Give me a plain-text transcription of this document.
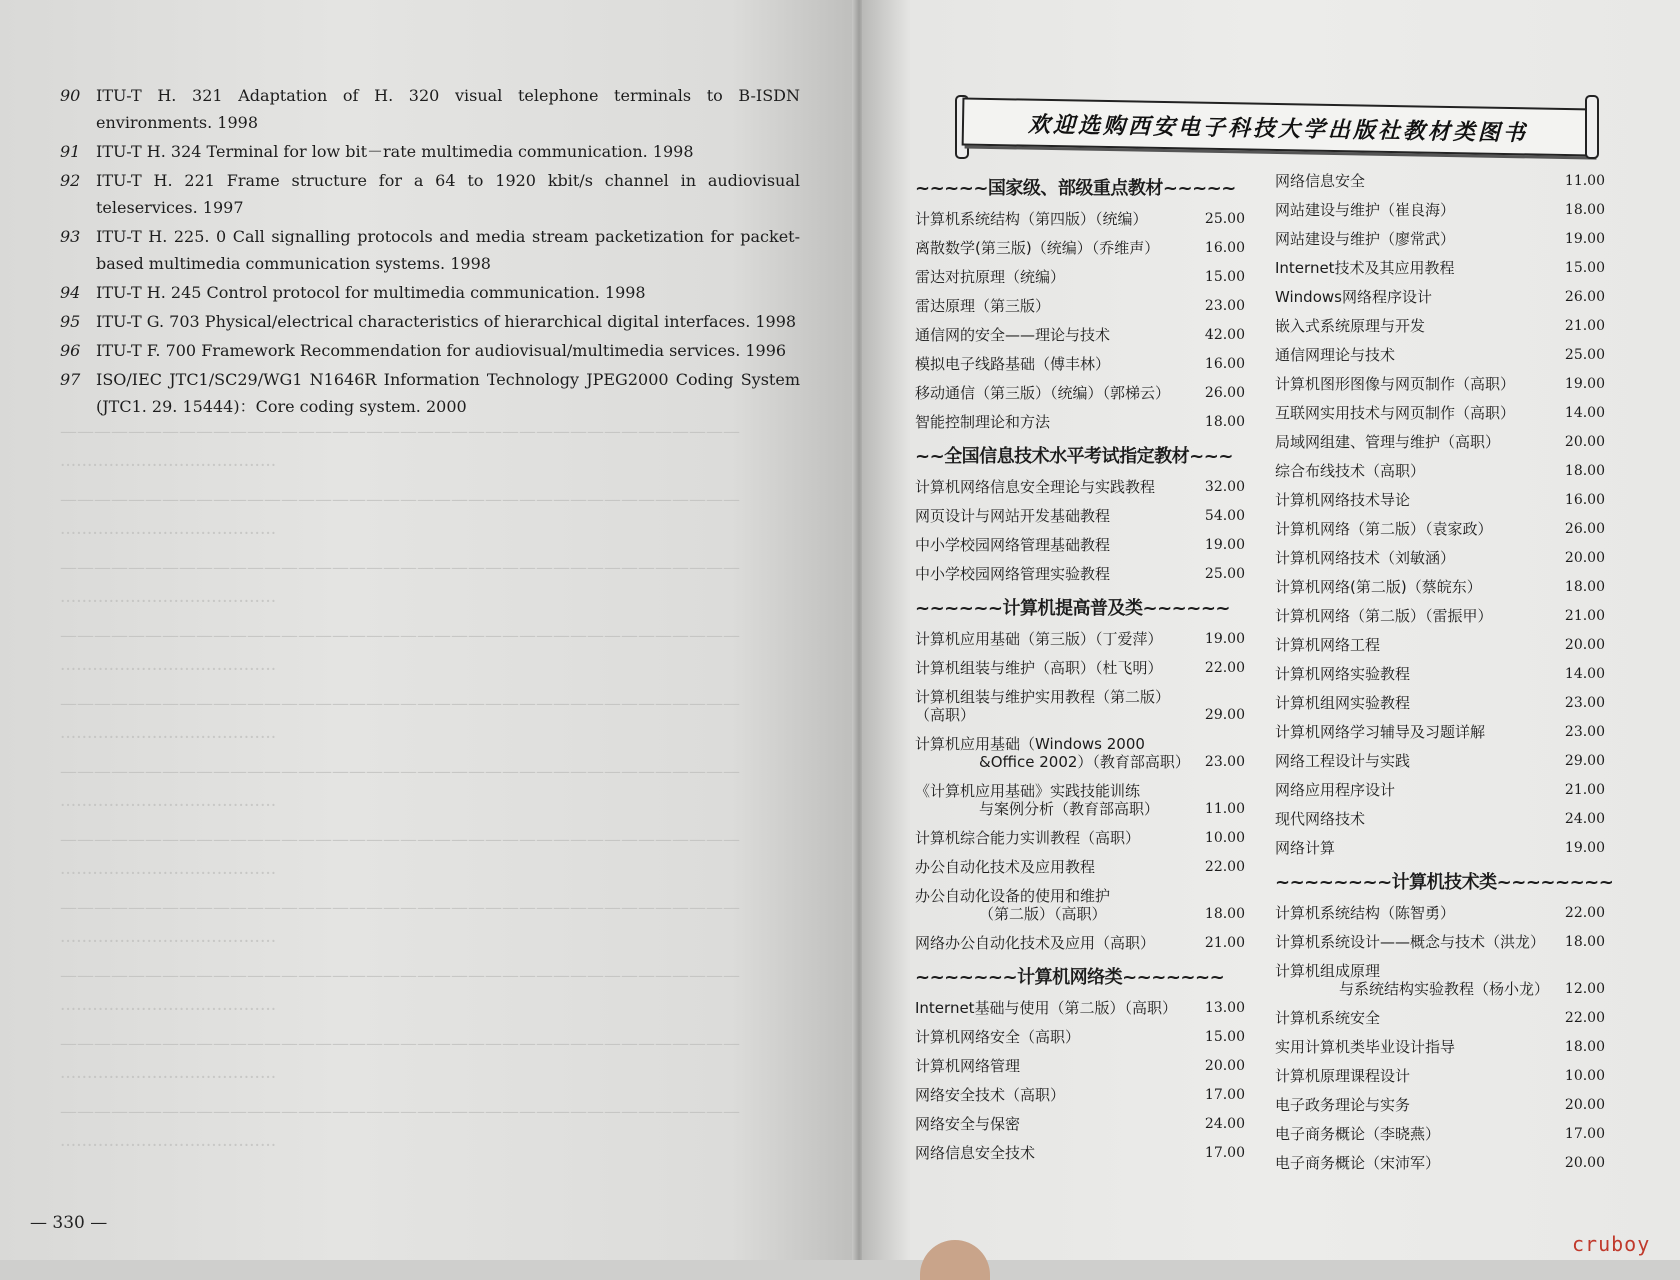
————————————————————————————————————————
········································
————————————————————————————————————————
········································
————————————————————————————————————————
········································
————————————————————————————————————————
········································
————————————————————————————————————————
········································
————————————————————————————————————————
········································
————————————————————————————————————————
········································
————————————————————————————————————————
········································
————————————————————————————————————————
········································
————————————————————————————————————————
········································
————————————————————————————————————————
········································
90 ITU-T H. 321 Adaptation of H. 320 visual telephone terminals to B-ISDN environments. 1998
91 ITU-T H. 324 Terminal for low bit－rate multimedia communication. 1998
92 ITU-T H. 221 Frame structure for a 64 to 1920 kbit/s channel in audiovisual teleservices. 1997
93 ITU-T H. 225. 0 Call signalling protocols and media stream packetization for packet-based multimedia communication systems. 1998
94 ITU-T H. 245 Control protocol for multimedia communication. 1998
95 ITU-T G. 703 Physical/electrical characteristics of hierarchical digital interfaces. 1998
96 ITU-T F. 700 Framework Recommendation for audiovisual/multimedia services. 1996
97 ISO/IEC JTC1/SC29/WG1 N1646R Information Technology JPEG2000 Coding System (JTC1. 29. 15444)：Core coding system. 2000
— 330 —
欢迎选购西安电子科技大学出版社教材类图书
~~~~~国家级、部级重点教材~~~~~
计算机系统结构（第四版）（统编）	25.00
离散数学(第三版)（统编）（乔维声）	16.00
雷达对抗原理（统编）	15.00
雷达原理（第三版）	23.00
通信网的安全——理论与技术	42.00
模拟电子线路基础（傅丰林）	16.00
移动通信（第三版）（统编）（郭梯云）	26.00
智能控制理论和方法	18.00
~~全国信息技术水平考试指定教材~~~
计算机网络信息安全理论与实践教程	32.00
网页设计与网站开发基础教程	54.00
中小学校园网络管理基础教程	19.00
中小学校园网络管理实验教程	25.00
~~~~~~计算机提高普及类~~~~~~
计算机应用基础（第三版）（丁爱萍）	19.00
计算机组装与维护（高职）（杜飞明）	22.00
计算机组装与维护实用教程（第二版）（高职）	29.00
计算机应用基础（Windows 2000
&Office 2002）（教育部高职）	23.00
《计算机应用基础》实践技能训练
与案例分析（教育部高职）	11.00
计算机综合能力实训教程（高职）	10.00
办公自动化技术及应用教程	22.00
办公自动化设备的使用和维护
（第二版）（高职）	18.00
网络办公自动化技术及应用（高职）	21.00
~~~~~~~计算机网络类~~~~~~~
Internet基础与使用（第二版）（高职）	13.00
计算机网络安全（高职）	15.00
计算机网络管理	20.00
网络安全技术（高职）	17.00
网络安全与保密	24.00
网络信息安全技术	17.00
网络信息安全	11.00
网站建设与维护（崔良海）	18.00
网站建设与维护（廖常武）	19.00
Internet技术及其应用教程	15.00
Windows网络程序设计	26.00
嵌入式系统原理与开发	21.00
通信网理论与技术	25.00
计算机图形图像与网页制作（高职）	19.00
互联网实用技术与网页制作（高职）	14.00
局域网组建、管理与维护（高职）	20.00
综合布线技术（高职）	18.00
计算机网络技术导论	16.00
计算机网络（第二版）（袁家政）	26.00
计算机网络技术（刘敏涵）	20.00
计算机网络(第二版)（蔡皖东）	18.00
计算机网络（第二版）（雷振甲）	21.00
计算机网络工程	20.00
计算机网络实验教程	14.00
计算机组网实验教程	23.00
计算机网络学习辅导及习题详解	23.00
网络工程设计与实践	29.00
网络应用程序设计	21.00
现代网络技术	24.00
网络计算	19.00
~~~~~~~~计算机技术类~~~~~~~~
计算机系统结构（陈智勇）	22.00
计算机系统设计——概念与技术（洪龙）	18.00
计算机组成原理
与系统结构实验教程（杨小龙）	12.00
计算机系统安全	22.00
实用计算机类毕业设计指导	18.00
计算机原理课程设计	10.00
电子政务理论与实务	20.00
电子商务概论（李晓燕）	17.00
电子商务概论（宋沛军）	20.00
cruboy
